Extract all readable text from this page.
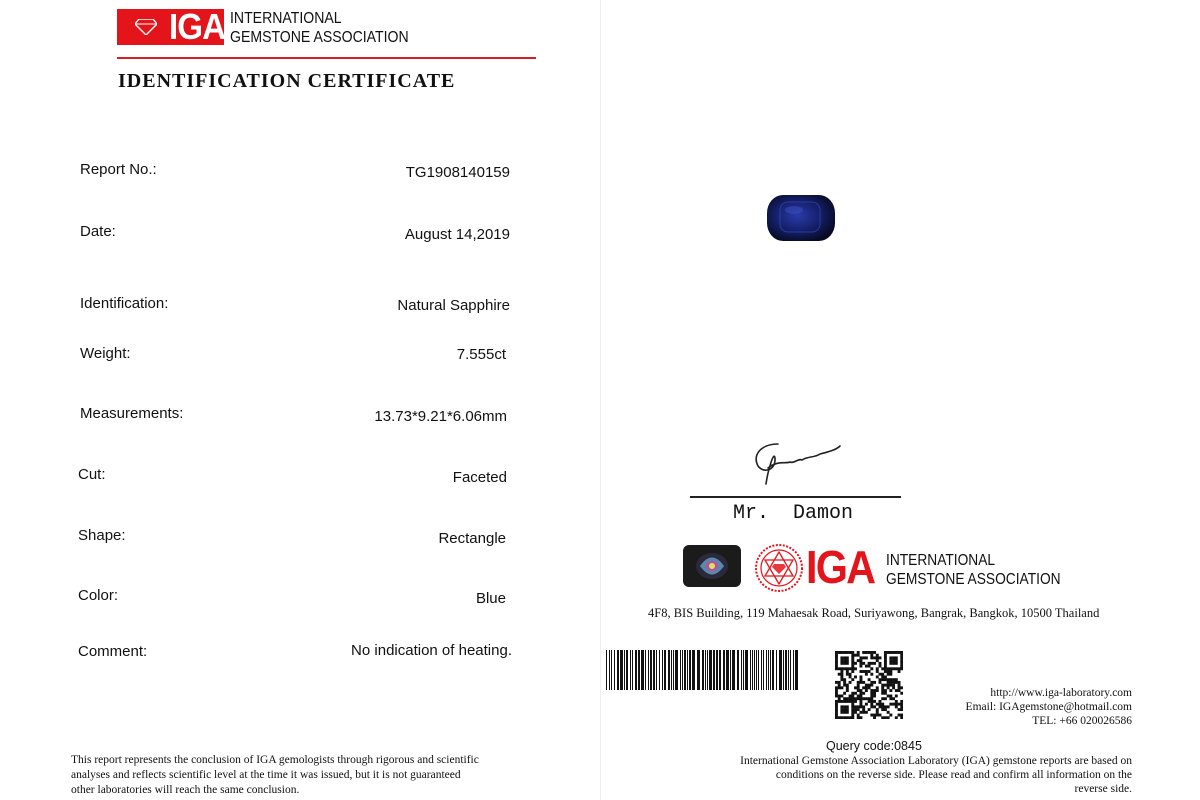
IGA INTERNATIONAL
GEMSTONE ASSOCIATION
IDENTIFICATION CERTIFICATE
Report No.:	TG1908140159
Date:	August 14,2019
Identification:	Natural Sapphire
Weight:	7.555ct
Measurements:	13.73*9.21*6.06mm
Cut:	Faceted
Shape:	Rectangle
Color:	Blue
Comment:	No indication of heating.
This report represents the conclusion of IGA gemologists through rigorous and scientific
analyses and reflects scientific level at the time it was issued, but it is not guaranteed
other laboratories will reach the same conclusion.
Mr.  Damon
IGA INTERNATIONAL
GEMSTONE ASSOCIATION
4F8, BIS Building, 119 Mahaesak Road, Suriyawong, Bangrak, Bangkok, 10500 Thailand
http://www.iga-laboratory.com
Email: IGAgemstone@hotmail.com
TEL: +66 020026586
Query code:0845
International Gemstone Association Laboratory (IGA) gemstone reports are based on
conditions on the reverse side. Please read and confirm all information on the
reverse side.
